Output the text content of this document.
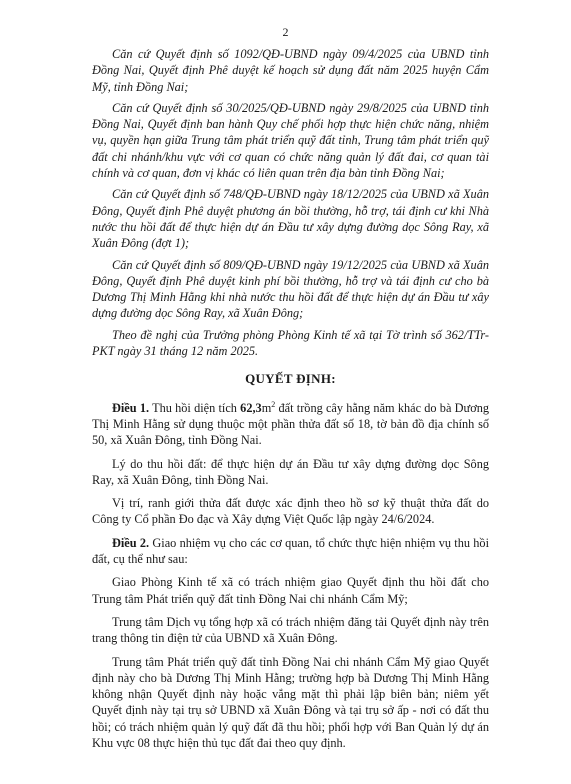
2

Căn cứ Quyết định số 1092/QĐ-UBND ngày 09/4/2025 của UBND tỉnh Đồng Nai, Quyết định Phê duyệt kế hoạch sử dụng đất năm 2025 huyện Cẩm Mỹ, tỉnh Đồng Nai;

Căn cứ Quyết định số 30/2025/QĐ-UBND ngày 29/8/2025 của UBND tỉnh Đồng Nai, Quyết định ban hành Quy chế phối hợp thực hiện chức năng, nhiệm vụ, quyền hạn giữa Trung tâm phát triển quỹ đất tỉnh, Trung tâm phát triển quỹ đất chi nhánh/khu vực với cơ quan có chức năng quản lý đất đai, cơ quan tài chính và cơ quan, đơn vị khác có liên quan trên địa bàn tỉnh Đồng Nai;

Căn cứ Quyết định số 748/QĐ-UBND ngày 18/12/2025 của UBND xã Xuân Đông, Quyết định Phê duyệt phương án bồi thường, hỗ trợ, tái định cư khi Nhà nước thu hồi đất để thực hiện dự án Đầu tư xây dựng đường dọc Sông Ray, xã Xuân Đông (đợt 1);

Căn cứ Quyết định số 809/QĐ-UBND ngày 19/12/2025 của UBND xã Xuân Đông, Quyết định Phê duyệt kinh phí bồi thường, hỗ trợ và tái định cư cho bà Dương Thị Minh Hằng khi nhà nước thu hồi đất để thực hiện dự án Đầu tư xây dựng đường dọc Sông Ray, xã Xuân Đông;

Theo đề nghị của Trưởng phòng Phòng Kinh tế xã tại Tờ trình số 362/TTr-PKT ngày 31 tháng 12 năm 2025.

QUYẾT ĐỊNH:

Điều 1. Thu hồi diện tích $62,3m^2$ đất trồng cây hằng năm khác do bà Dương Thị Minh Hằng sử dụng thuộc một phần thửa đất số 18, tờ bản đồ địa chính số 50, xã Xuân Đông, tỉnh Đồng Nai.

Lý do thu hồi đất: để thực hiện dự án Đầu tư xây dựng đường dọc Sông Ray, xã Xuân Đông, tỉnh Đồng Nai.

Vị trí, ranh giới thửa đất được xác định theo hồ sơ kỹ thuật thửa đất do Công ty Cổ phần Đo đạc và Xây dựng Việt Quốc lập ngày 24/6/2024.

Điều 2. Giao nhiệm vụ cho các cơ quan, tổ chức thực hiện nhiệm vụ thu hồi đất, cụ thể như sau:

Giao Phòng Kinh tế xã có trách nhiệm giao Quyết định thu hồi đất cho Trung tâm Phát triển quỹ đất tỉnh Đồng Nai chi nhánh Cẩm Mỹ;

Trung tâm Dịch vụ tổng hợp xã có trách nhiệm đăng tải Quyết định này trên trang thông tin điện tử của UBND xã Xuân Đông.

Trung tâm Phát triển quỹ đất tỉnh Đồng Nai chi nhánh Cẩm Mỹ giao Quyết định này cho bà Dương Thị Minh Hằng; trường hợp bà Dương Thị Minh Hằng không nhận Quyết định này hoặc vắng mặt thì phải lập biên bản; niêm yết Quyết định này tại trụ sở UBND xã Xuân Đông và tại trụ sở ấp - nơi có đất thu hồi; có trách nhiệm quản lý quỹ đất đã thu hồi; phối hợp với Ban Quản lý dự án Khu vực 08 thực hiện thủ tục đất đai theo quy định.
